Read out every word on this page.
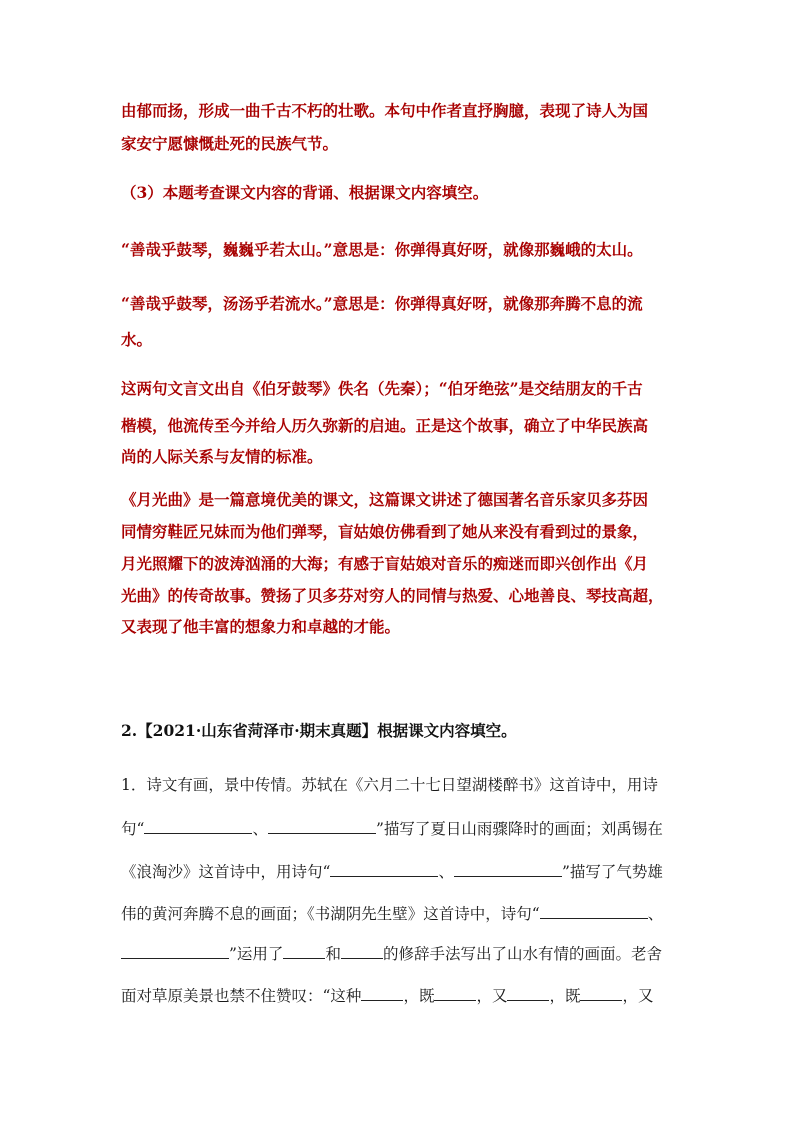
由郁而扬，形成一曲千古不朽的壮歌。本句中作者直抒胸臆，表现了诗人为国
家安宁愿慷慨赴死的民族气节。
（3）本题考查课文内容的背诵、根据课文内容填空。
“善哉乎鼓琴，巍巍乎若太山。”意思是：你弹得真好呀，就像那巍峨的太山。
“善哉乎鼓琴，汤汤乎若流水。”意思是：你弹得真好呀，就像那奔腾不息的流
水。
这两句文言文出自《伯牙鼓琴》佚名（先秦）；“伯牙绝弦”是交结朋友的千古
楷模，他流传至今并给人历久弥新的启迪。正是这个故事，确立了中华民族高
尚的人际关系与友情的标准。
《月光曲》是一篇意境优美的课文，这篇课文讲述了德国著名音乐家贝多芬因
同情穷鞋匠兄妹而为他们弹琴，盲姑娘仿佛看到了她从来没有看到过的景象，
月光照耀下的波涛汹涌的大海；有感于盲姑娘对音乐的痴迷而即兴创作出《月
光曲》的传奇故事。赞扬了贝多芬对穷人的同情与热爱、心地善良、琴技高超，
又表现了他丰富的想象力和卓越的才能。
2.【2021·山东省菏泽市·期末真题】根据课文内容填空。
1．诗文有画，景中传情。苏轼在《六月二十七日望湖楼醉书》这首诗中，用诗
句“	、	”描写了夏日山雨骤降时的画面；刘禹锡在
《浪淘沙》这首诗中，用诗句“	、	”描写了气势雄
伟的黄河奔腾不息的画面；《书湖阴先生壁》这首诗中，诗句“	、
”运用了	和	的修辞手法写出了山水有情的画面。老舍
面对草原美景也禁不住赞叹：“这种	，既	，又	，既	，又
